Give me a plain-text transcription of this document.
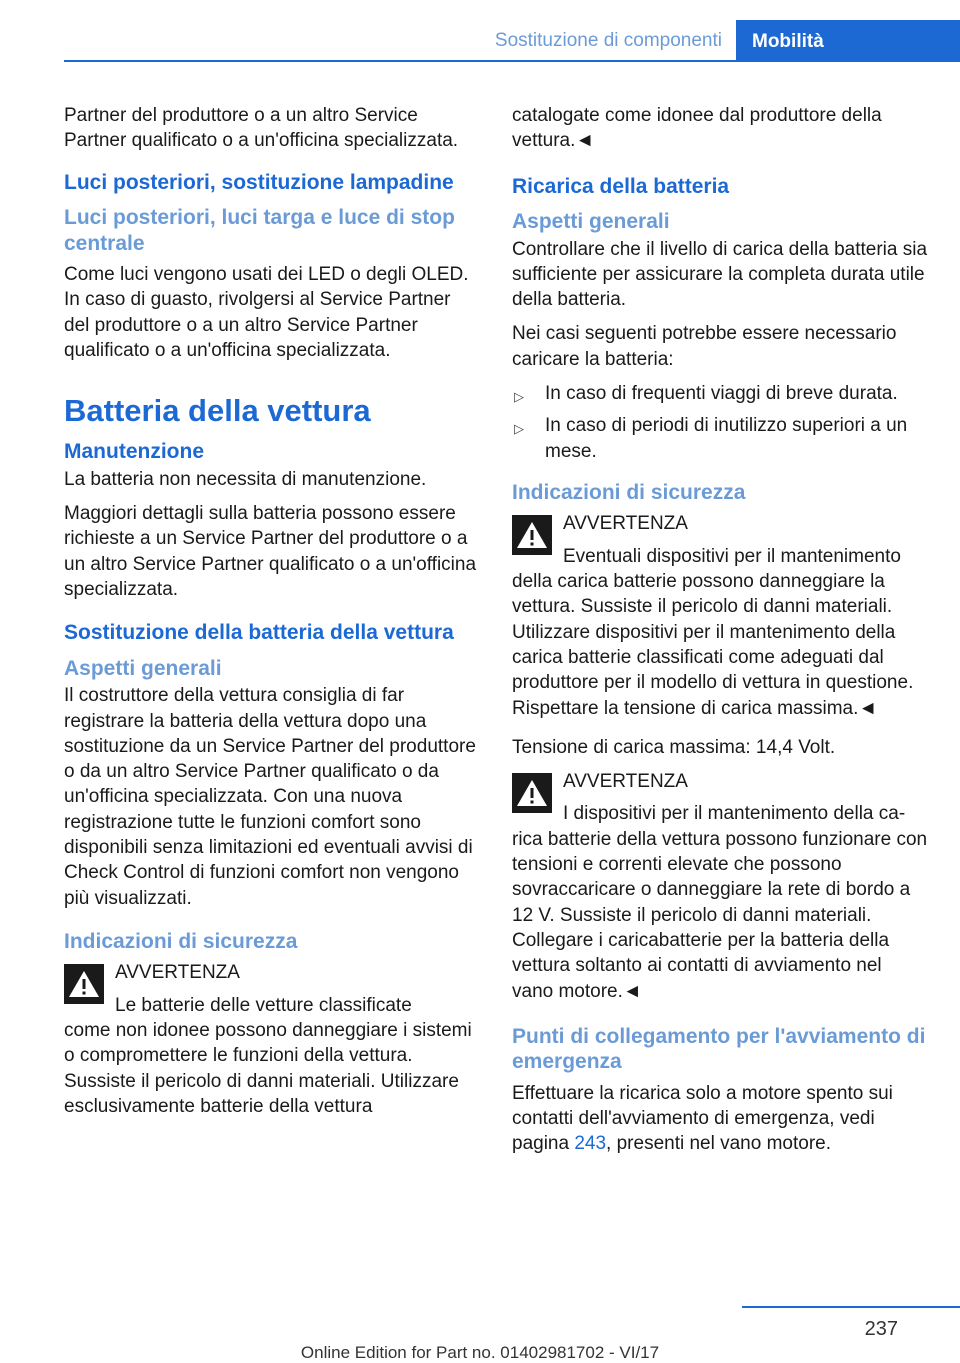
Sostituzione di componenti	Mobilità

Partner del produttore o a un altro Service Partner qualificato o a un'officina specializzata.

Luci posteriori, sostituzione lampadine
Luci posteriori, luci targa e luce di stop centrale

Come luci vengono usati dei LED o degli OLED. In caso di guasto, rivolgersi al Service Partner del produttore o a un altro Service Partner qualificato o a un'officina specializzata.

Batteria della vettura
Manutenzione

La batteria non necessita di manutenzione.

Maggiori dettagli sulla batteria possono essere richieste a un Service Partner del produttore o a un altro Service Partner qualificato o a un'officina specializzata.

Sostituzione della batteria della vettura
Aspetti generali

Il costruttore della vettura consiglia di far registrare la batteria della vettura dopo una sostituzione da un Service Partner del produttore o da un altro Service Partner qualificato o da un'officina specializzata. Con una nuova registrazione tutte le funzioni comfort sono disponibili senza limitazioni ed eventuali avvisi di Check Control di funzioni comfort non vengono più visualizzati.

Indicazioni di sicurezza
AVVERTENZA
Le batterie delle vetture classificate
come non idonee possono danneggiare i sistemi o compromettere le funzioni della vettura. Sussiste il pericolo di danni materiali. Utilizzare esclusivamente batterie della vettura

catalogate come idonee dal produttore della vettura.◄

Ricarica della batteria
Aspetti generali

Controllare che il livello di carica della batteria sia sufficiente per assicurare la completa durata utile della batteria.

Nei casi seguenti potrebbe essere necessario caricare la batteria:

▷ In caso di frequenti viaggi di breve durata.
▷ In caso di periodi di inutilizzo superiori a un mese.
Indicazioni di sicurezza
AVVERTENZA
Eventuali dispositivi per il mantenimento
della carica batterie possono danneggiare la vettura. Sussiste il pericolo di danni materiali. Utilizzare dispositivi per il mantenimento della carica batterie classificati come adeguati dal produttore per il modello di vettura in questione. Rispettare la tensione di carica massima.◄

Tensione di carica massima: 14,4 Volt.

AVVERTENZA
I dispositivi per il mantenimento della ca-
rica batterie della vettura possono funzionare con tensioni e correnti elevate che possono sovraccaricare o danneggiare la rete di bordo a 12 V. Sussiste il pericolo di danni materiali. Collegare i caricabatterie per la batteria della vettura soltanto ai contatti di avviamento nel vano motore.◄
Punti di collegamento per l'avviamento di emergenza

Effettuare la ricarica solo a motore spento sui contatti dell'avviamento di emergenza, vedi pagina 243, presenti nel vano motore.

237
Online Edition for Part no. 01402981702 - VI/17
